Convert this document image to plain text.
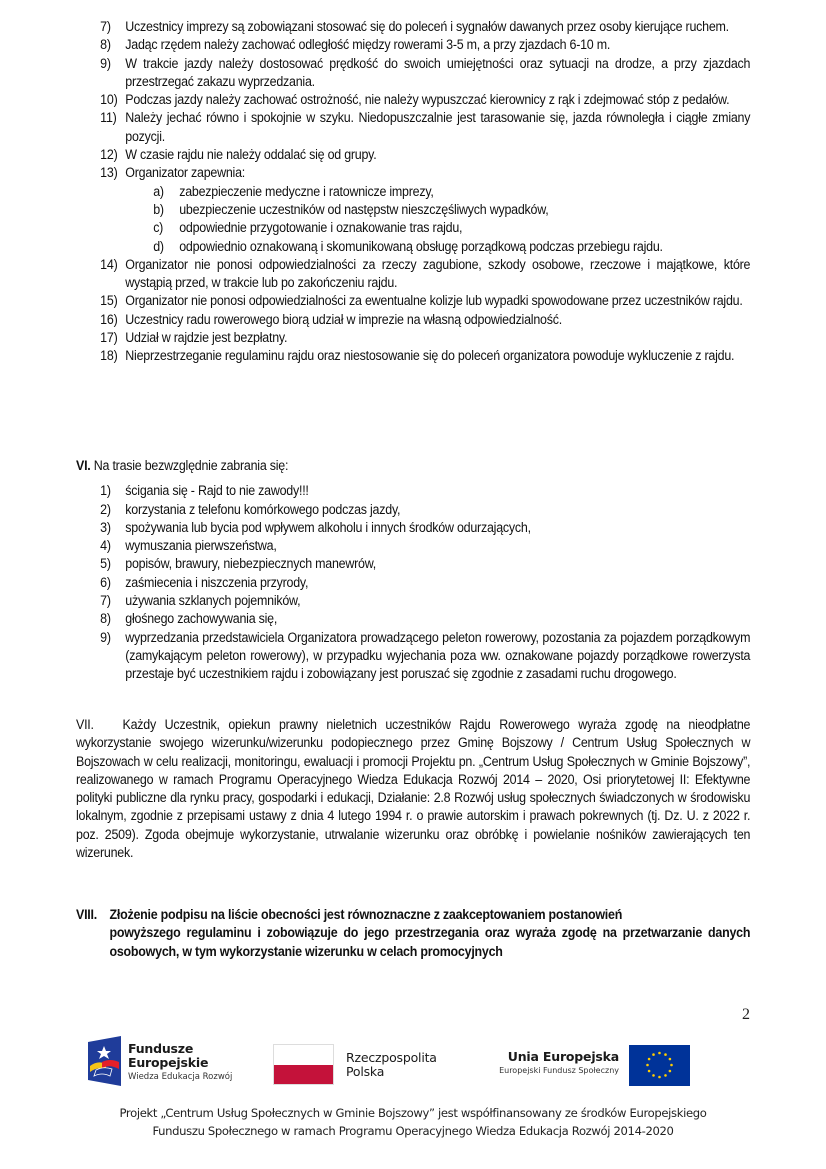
7) Uczestnicy imprezy są zobowiązani stosować się do poleceń i sygnałów dawanych przez osoby kierujące ruchem.
8) Jadąc rzędem należy zachować odległość między rowerami 3-5 m, a przy zjazdach 6-10 m.
9) W trakcie jazdy należy dostosować prędkość do swoich umiejętności oraz sytuacji na drodze, a przy zjazdach przestrzegać zakazu wyprzedzania.
10) Podczas jazdy należy zachować ostrożność, nie należy wypuszczać kierownicy z rąk i zdejmować stóp z pedałów.
11) Należy jechać równo i spokojnie w szyku. Niedopuszczalnie jest tarasowanie się, jazda równoległa i ciągłe zmiany pozycji.
12) W czasie rajdu nie należy oddalać się od grupy.
13) Organizator zapewnia:
a) zabezpieczenie medyczne i ratownicze imprezy,
b) ubezpieczenie uczestników od następstw nieszczęśliwych wypadków,
c) odpowiednie przygotowanie i oznakowanie tras rajdu,
d) odpowiednio oznakowaną i skomunikowaną obsługę porządkową podczas przebiegu rajdu.
14) Organizator nie ponosi odpowiedzialności za rzeczy zagubione, szkody osobowe, rzeczowe i majątkowe, które wystąpią przed, w trakcie lub po zakończeniu rajdu.
15) Organizator nie ponosi odpowiedzialności za ewentualne kolizje lub wypadki spowodowane przez uczestników rajdu.
16) Uczestnicy radu rowerowego biorą udział w imprezie na własną odpowiedzialność.
17) Udział w rajdzie jest bezpłatny.
18) Nieprzestrzeganie regulaminu rajdu oraz niestosowanie się do poleceń organizatora powoduje wykluczenie z rajdu.
VI. Na trasie bezwzględnie zabrania się:
1) ścigania się - Rajd to nie zawody!!!
2) korzystania z telefonu komórkowego podczas jazdy,
3) spożywania lub bycia pod wpływem alkoholu i innych środków odurzających,
4) wymuszania pierwszeństwa,
5) popisów, brawury, niebezpiecznych manewrów,
6) zaśmiecenia i niszczenia przyrody,
7) używania szklanych pojemników,
8) głośnego zachowywania się,
9) wyprzedzania przedstawiciela Organizatora prowadzącego peleton rowerowy, pozostania za pojazdem porządkowym (zamykającym peleton rowerowy), w przypadku wyjechania poza ww. oznakowane pojazdy porządkowe rowerzysta przestaje być uczestnikiem rajdu i zobowiązany jest poruszać się zgodnie z zasadami ruchu drogowego.
VII. Każdy Uczestnik, opiekun prawny nieletnich uczestników Rajdu Rowerowego wyraża zgodę na nieodpłatne wykorzystanie swojego wizerunku/wizerunku podopiecznego przez Gminę Bojszowy / Centrum Usług Społecznych w Bojszowach w celu realizacji, monitoringu, ewaluacji i promocji Projektu pn. „Centrum Usług Społecznych w Gminie Bojszowy”, realizowanego w ramach Programu Operacyjnego Wiedza Edukacja Rozwój 2014 – 2020, Osi priorytetowej II: Efektywne polityki publiczne dla rynku pracy, gospodarki i edukacji, Działanie: 2.8 Rozwój usług społecznych świadczonych w środowisku lokalnym, zgodnie z przepisami ustawy z dnia 4 lutego 1994 r. o prawie autorskim i prawach pokrewnych (tj. Dz. U. z 2022 r. poz. 2509). Zgoda obejmuje wykorzystanie, utrwalanie wizerunku oraz obróbkę i powielanie nośników zawierających ten wizerunek.
VIII. Złożenie podpisu na liście obecności jest równoznaczne z zaakceptowaniem postanowień
powyższego regulaminu i zobowiązuje do jego przestrzegania oraz wyraża zgodę na przetwarzanie danych osobowych, w tym wykorzystanie wizerunku w celach promocyjnych
2
Fundusze
Europejskie
Wiedza Edukacja Rozwój
Rzeczpospolita
Polska
Unia Europejska
Europejski Fundusz Społeczny
Projekt „Centrum Usług Społecznych w Gminie Bojszowy” jest współfinansowany ze środków Europejskiego
Funduszu Społecznego w ramach Programu Operacyjnego Wiedza Edukacja Rozwój 2014-2020
